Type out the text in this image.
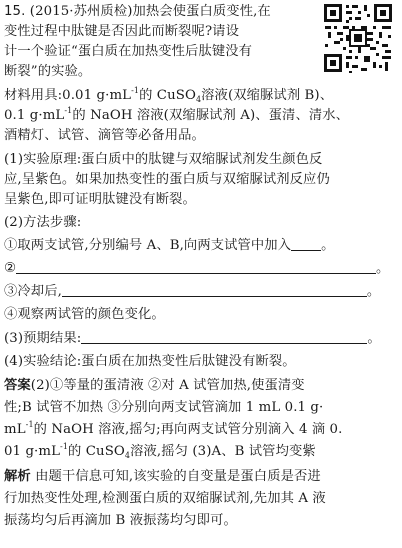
15. (2015·苏州质检)加热会使蛋白质变性,在
变性过程中肽键是否因此而断裂呢?请设
计一个验证“蛋白质在加热变性后肽键没有
断裂”的实验。
材料用具:0.01 $g\cdot mL^{-1}$的 CuSO$_4$溶液(双缩脲试剂 B)、
0.1 $g\cdot mL^{-1}$的 NaOH 溶液(双缩脲试剂 A)、蛋清、清水、
酒精灯、试管、滴管等必备用品。
(1)实验原理:蛋白质中的肽键与双缩脲试剂发生颜色反
应,呈紫色。如果加热变性的蛋白质与双缩脲试剂反应仍
呈紫色,即可证明肽键没有断裂。
(2)方法步骤:
①取两支试管,分别编号 A、B,向两支试管中加入 。
②	。
③冷却后,	。
④观察两试管的颜色变化。
(3)预期结果:	。
(4)实验结论:蛋白质在加热变性后肽键没有断裂。
答案(2)①等量的蛋清液 ②对 A 试管加热,使蛋清变
性;B 试管不加热 ③分别向两支试管滴加 1 mL 0.1 g·
$mL^{-1}$的 NaOH 溶液,摇匀;再向两支试管分别滴入 4 滴 0.
01 $g\cdot mL^{-1}$的 CuSO$_4$溶液,摇匀 (3)A、B 试管均变紫
解析 由题干信息可知,该实验的自变量是蛋白质是否进
行加热变性处理,检测蛋白质的双缩脲试剂,先加其 A 液
振荡均匀后再滴加 B 液振荡均匀即可。
